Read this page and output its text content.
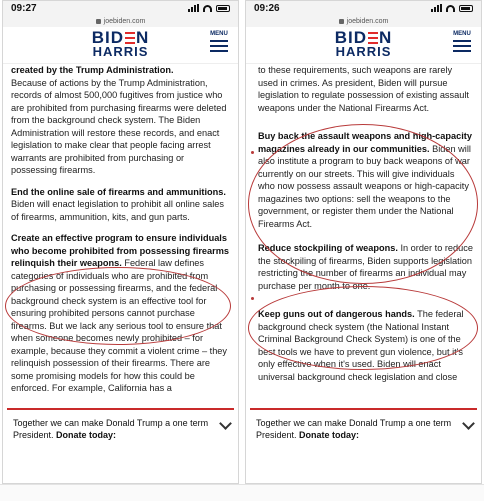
09:27
joebiden.com
BID N
HARRIS
MENU

created by the Trump Administration.

Because of actions by the Trump Administration, records of almost 500,000 fugitives from justice who are prohibited from purchasing firearms were deleted from the background check system. The Biden Administration will restore these records, and enact legislation to make clear that people facing arrest warrants are prohibited from purchasing or possessing firearms.

End the online sale of firearms and ammunitions. Biden will enact legislation to prohibit all online sales of firearms, ammunition, kits, and gun parts.

Create an effective program to ensure individuals who become prohibited from possessing firearms relinquish their weapons. Federal law defines categories of individuals who are prohibited from purchasing or possessing firearms, and the federal background check system is an effective tool for ensuring prohibited persons cannot purchase firearms. But we lack any serious tool to ensure that when someone becomes newly prohibited – for example, because they commit a violent crime – they relinquish possession of their firearms. There are some promising models for how this could be enforced. For example, California has a

Together we can make Donald Trump a one term President. Donate today:
09:26
joebiden.com
BID N
HARRIS
MENU

to these requirements, such weapons are rarely used in crimes. As president, Biden will pursue legislation to regulate possession of existing assault weapons under the National Firearms Act.

Buy back the assault weapons and high-capacity magazines already in our communities. Biden will also institute a program to buy back weapons of war currently on our streets. This will give individuals who now possess assault weapons or high-capacity magazines two options: sell the weapons to the government, or register them under the National Firearms Act.

Reduce stockpiling of weapons. In order to reduce the stockpiling of firearms, Biden supports legislation restricting the number of firearms an individual may purchase per month to one.

Keep guns out of dangerous hands. The federal background check system (the National Instant Criminal Background Check System) is one of the best tools we have to prevent gun violence, but it's only effective when it's used. Biden will enact universal background check legislation and close

Together we can make Donald Trump a one term President. Donate today:
